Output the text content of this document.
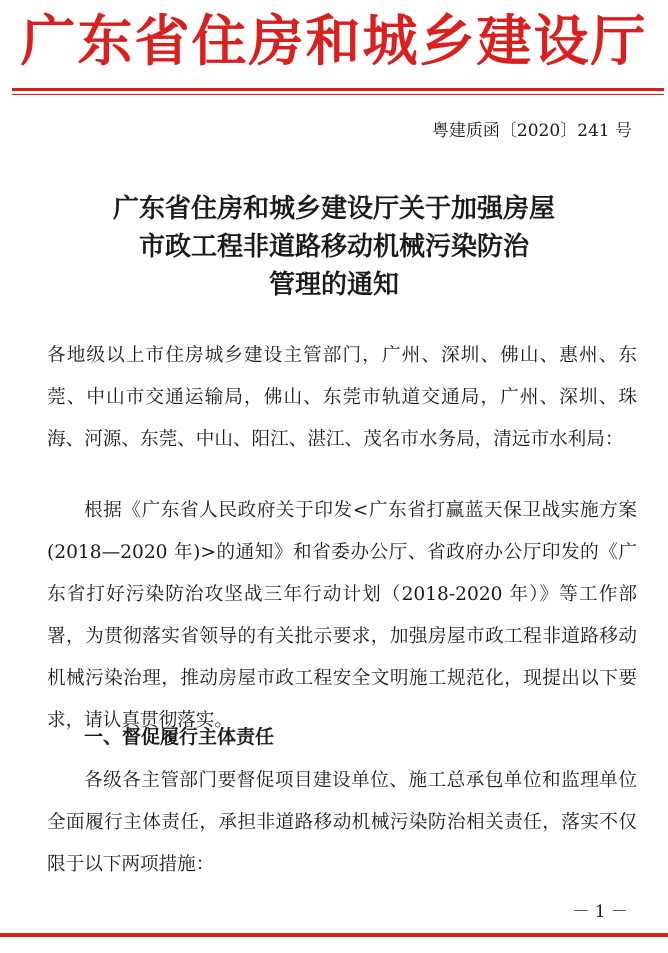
广东省住房和城乡建设厅
粤建质函〔2020〕241 号
广东省住房和城乡建设厅关于加强房屋
市政工程非道路移动机械污染防治
管理的通知
各地级以上市住房城乡建设主管部门，广州、深圳、佛山、惠州、东莞、中山市交通运输局，佛山、东莞市轨道交通局，广州、深圳、珠海、河源、东莞、中山、阳江、湛江、茂名市水务局，清远市水利局：
根据《广东省人民政府关于印发<广东省打赢蓝天保卫战实施方案(2018—2020 年)>的通知》和省委办公厅、省政府办公厅印发的《广东省打好污染防治攻坚战三年行动计划（2018-2020 年）》等工作部署，为贯彻落实省领导的有关批示要求，加强房屋市政工程非道路移动机械污染治理，推动房屋市政工程安全文明施工规范化，现提出以下要求，请认真贯彻落实。
一、督促履行主体责任
各级各主管部门要督促项目建设单位、施工总承包单位和监理单位全面履行主体责任，承担非道路移动机械污染防治相关责任，落实不仅限于以下两项措施：
－ 1 －
